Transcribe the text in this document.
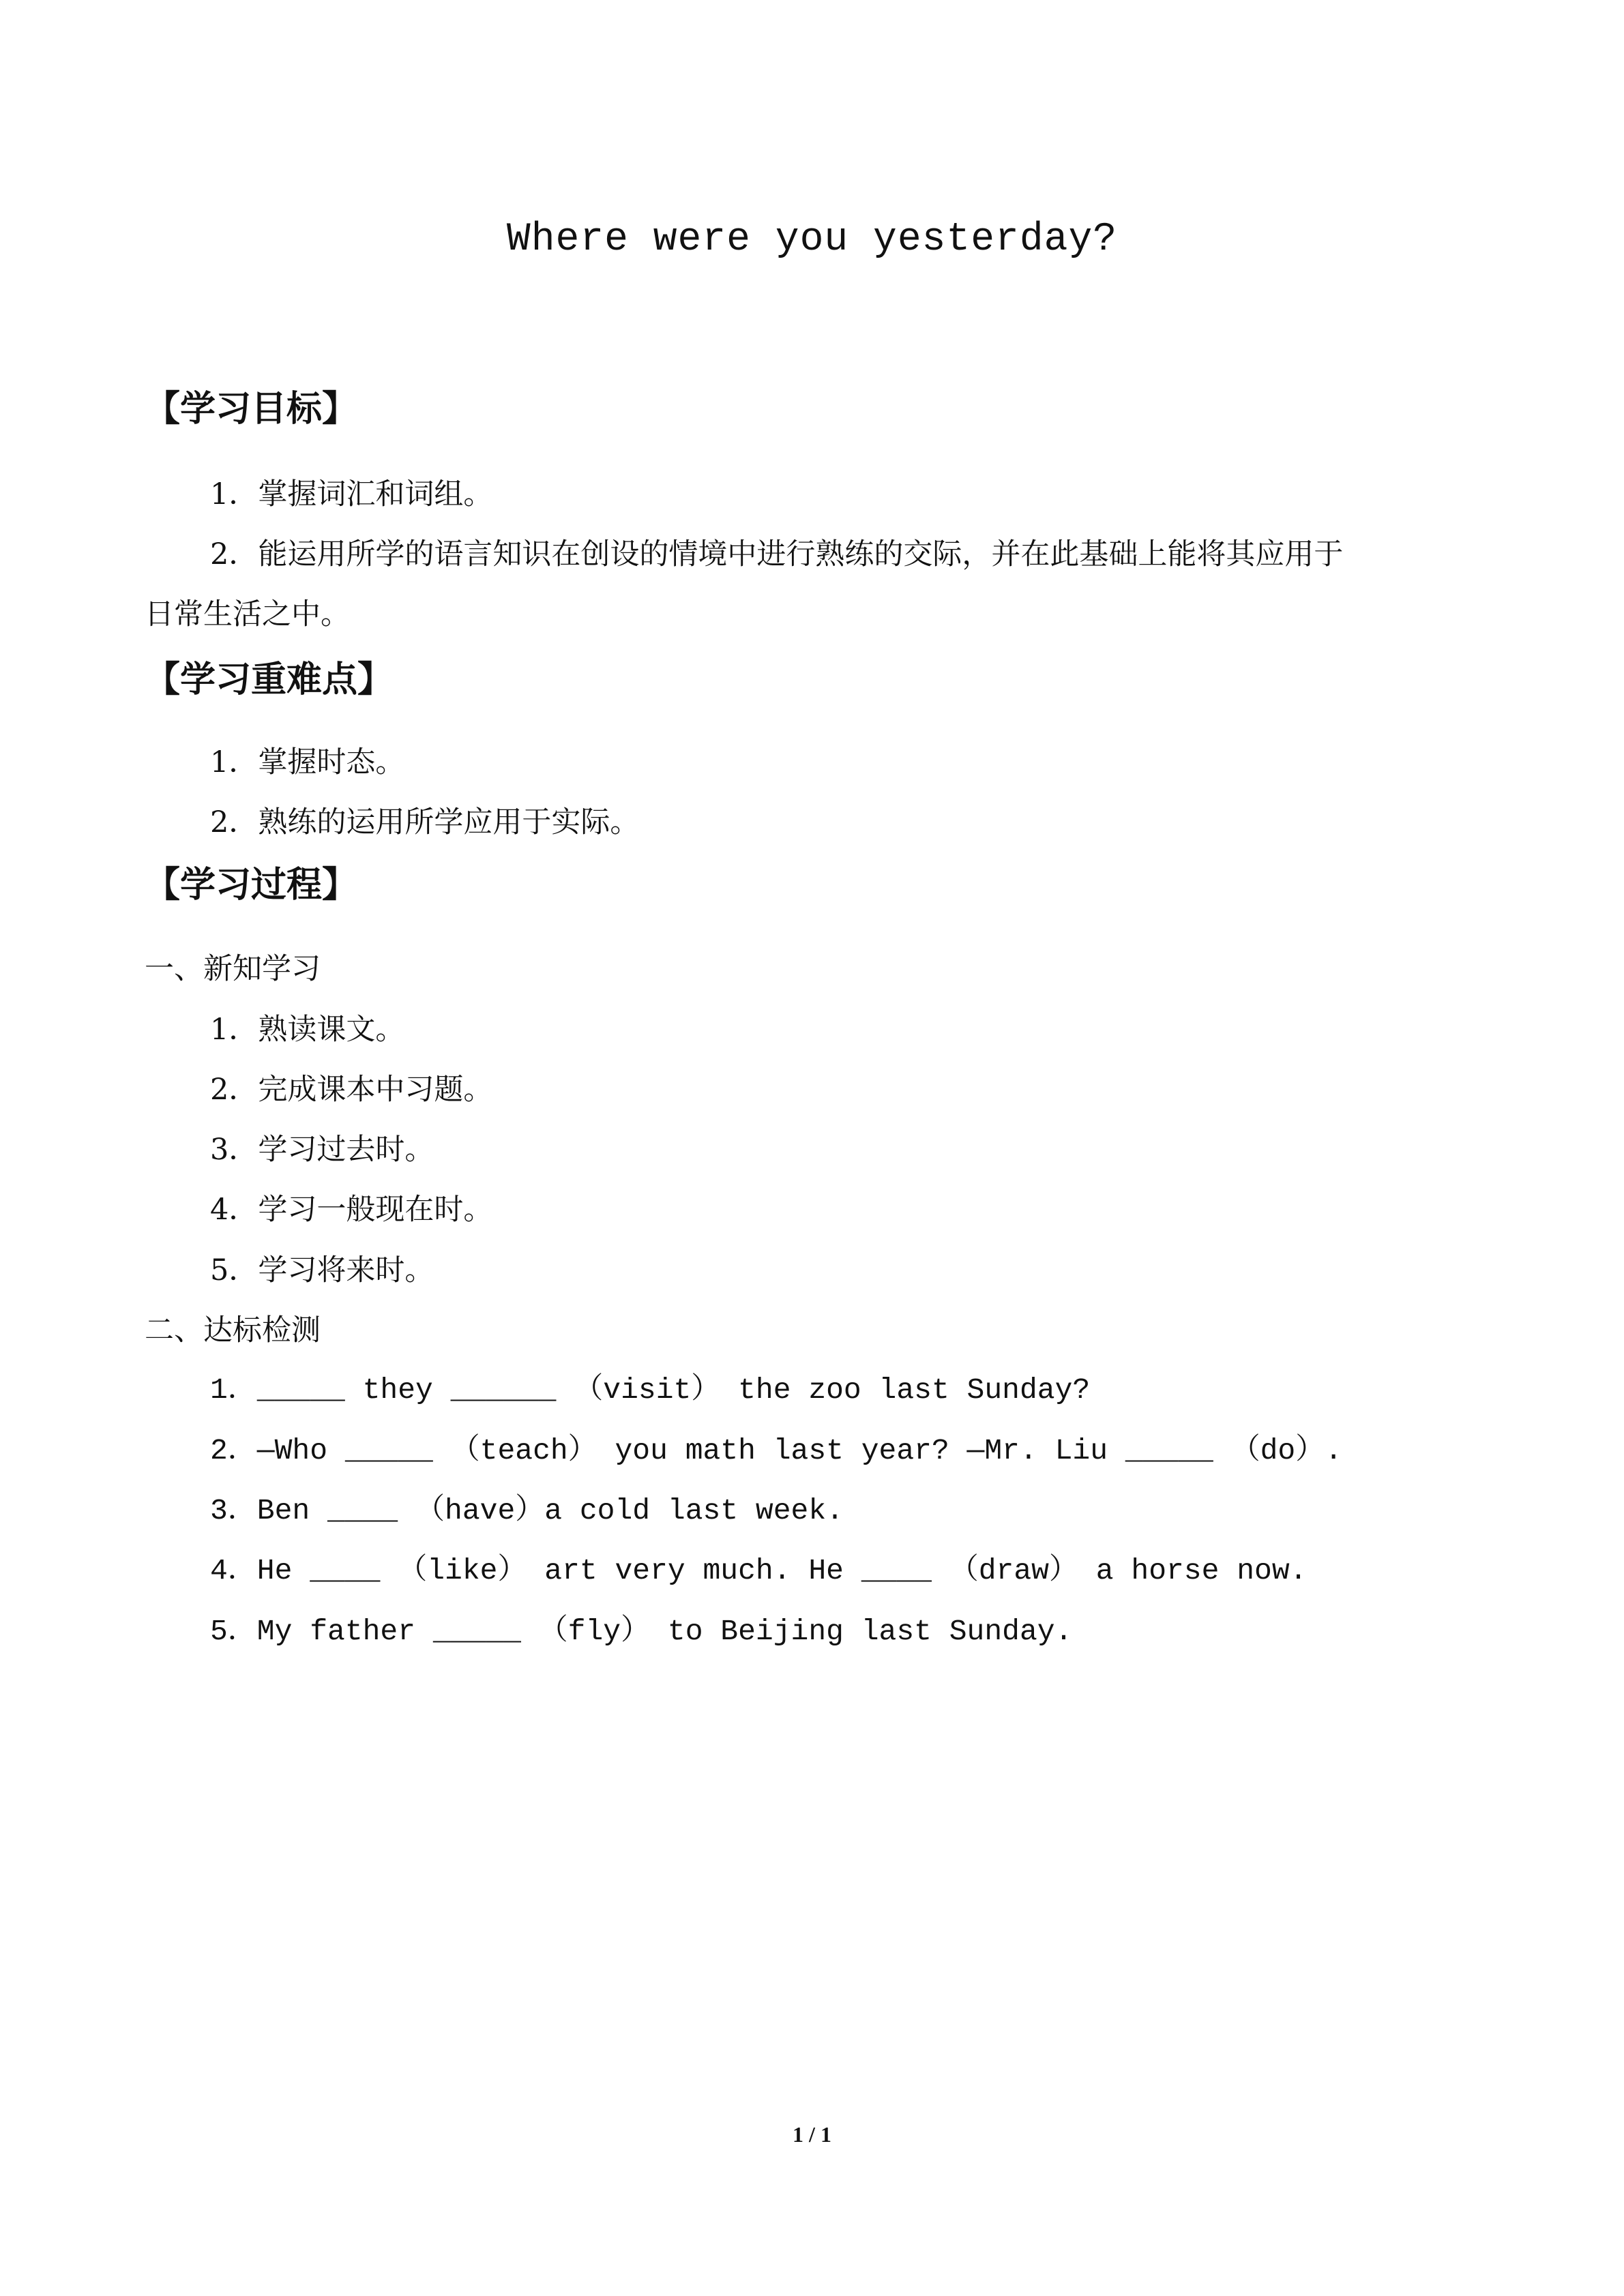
Where were you yesterday?
【学习目标】
1．掌握词汇和词组。
2．能运用所学的语言知识在创设的情境中进行熟练的交际，并在此基础上能将其应用于
日常生活之中。
【学习重难点】
1．掌握时态。
2．熟练的运用所学应用于实际。
【学习过程】
一、新知学习
1．熟读课文。
2．完成课本中习题。
3．学习过去时。
4．学习一般现在时。
5．学习将来时。
二、达标检测
1．_____ they ______ （visit） the zoo last Sunday?
2．—Who _____ （teach） you math last year? —Mr. Liu _____ （do）.
3．Ben ____ （have）a cold last week.
4．He ____ （like） art very much. He ____ （draw） a horse now.
5．My father _____ （fly） to Beijing last Sunday.
1 / 1
